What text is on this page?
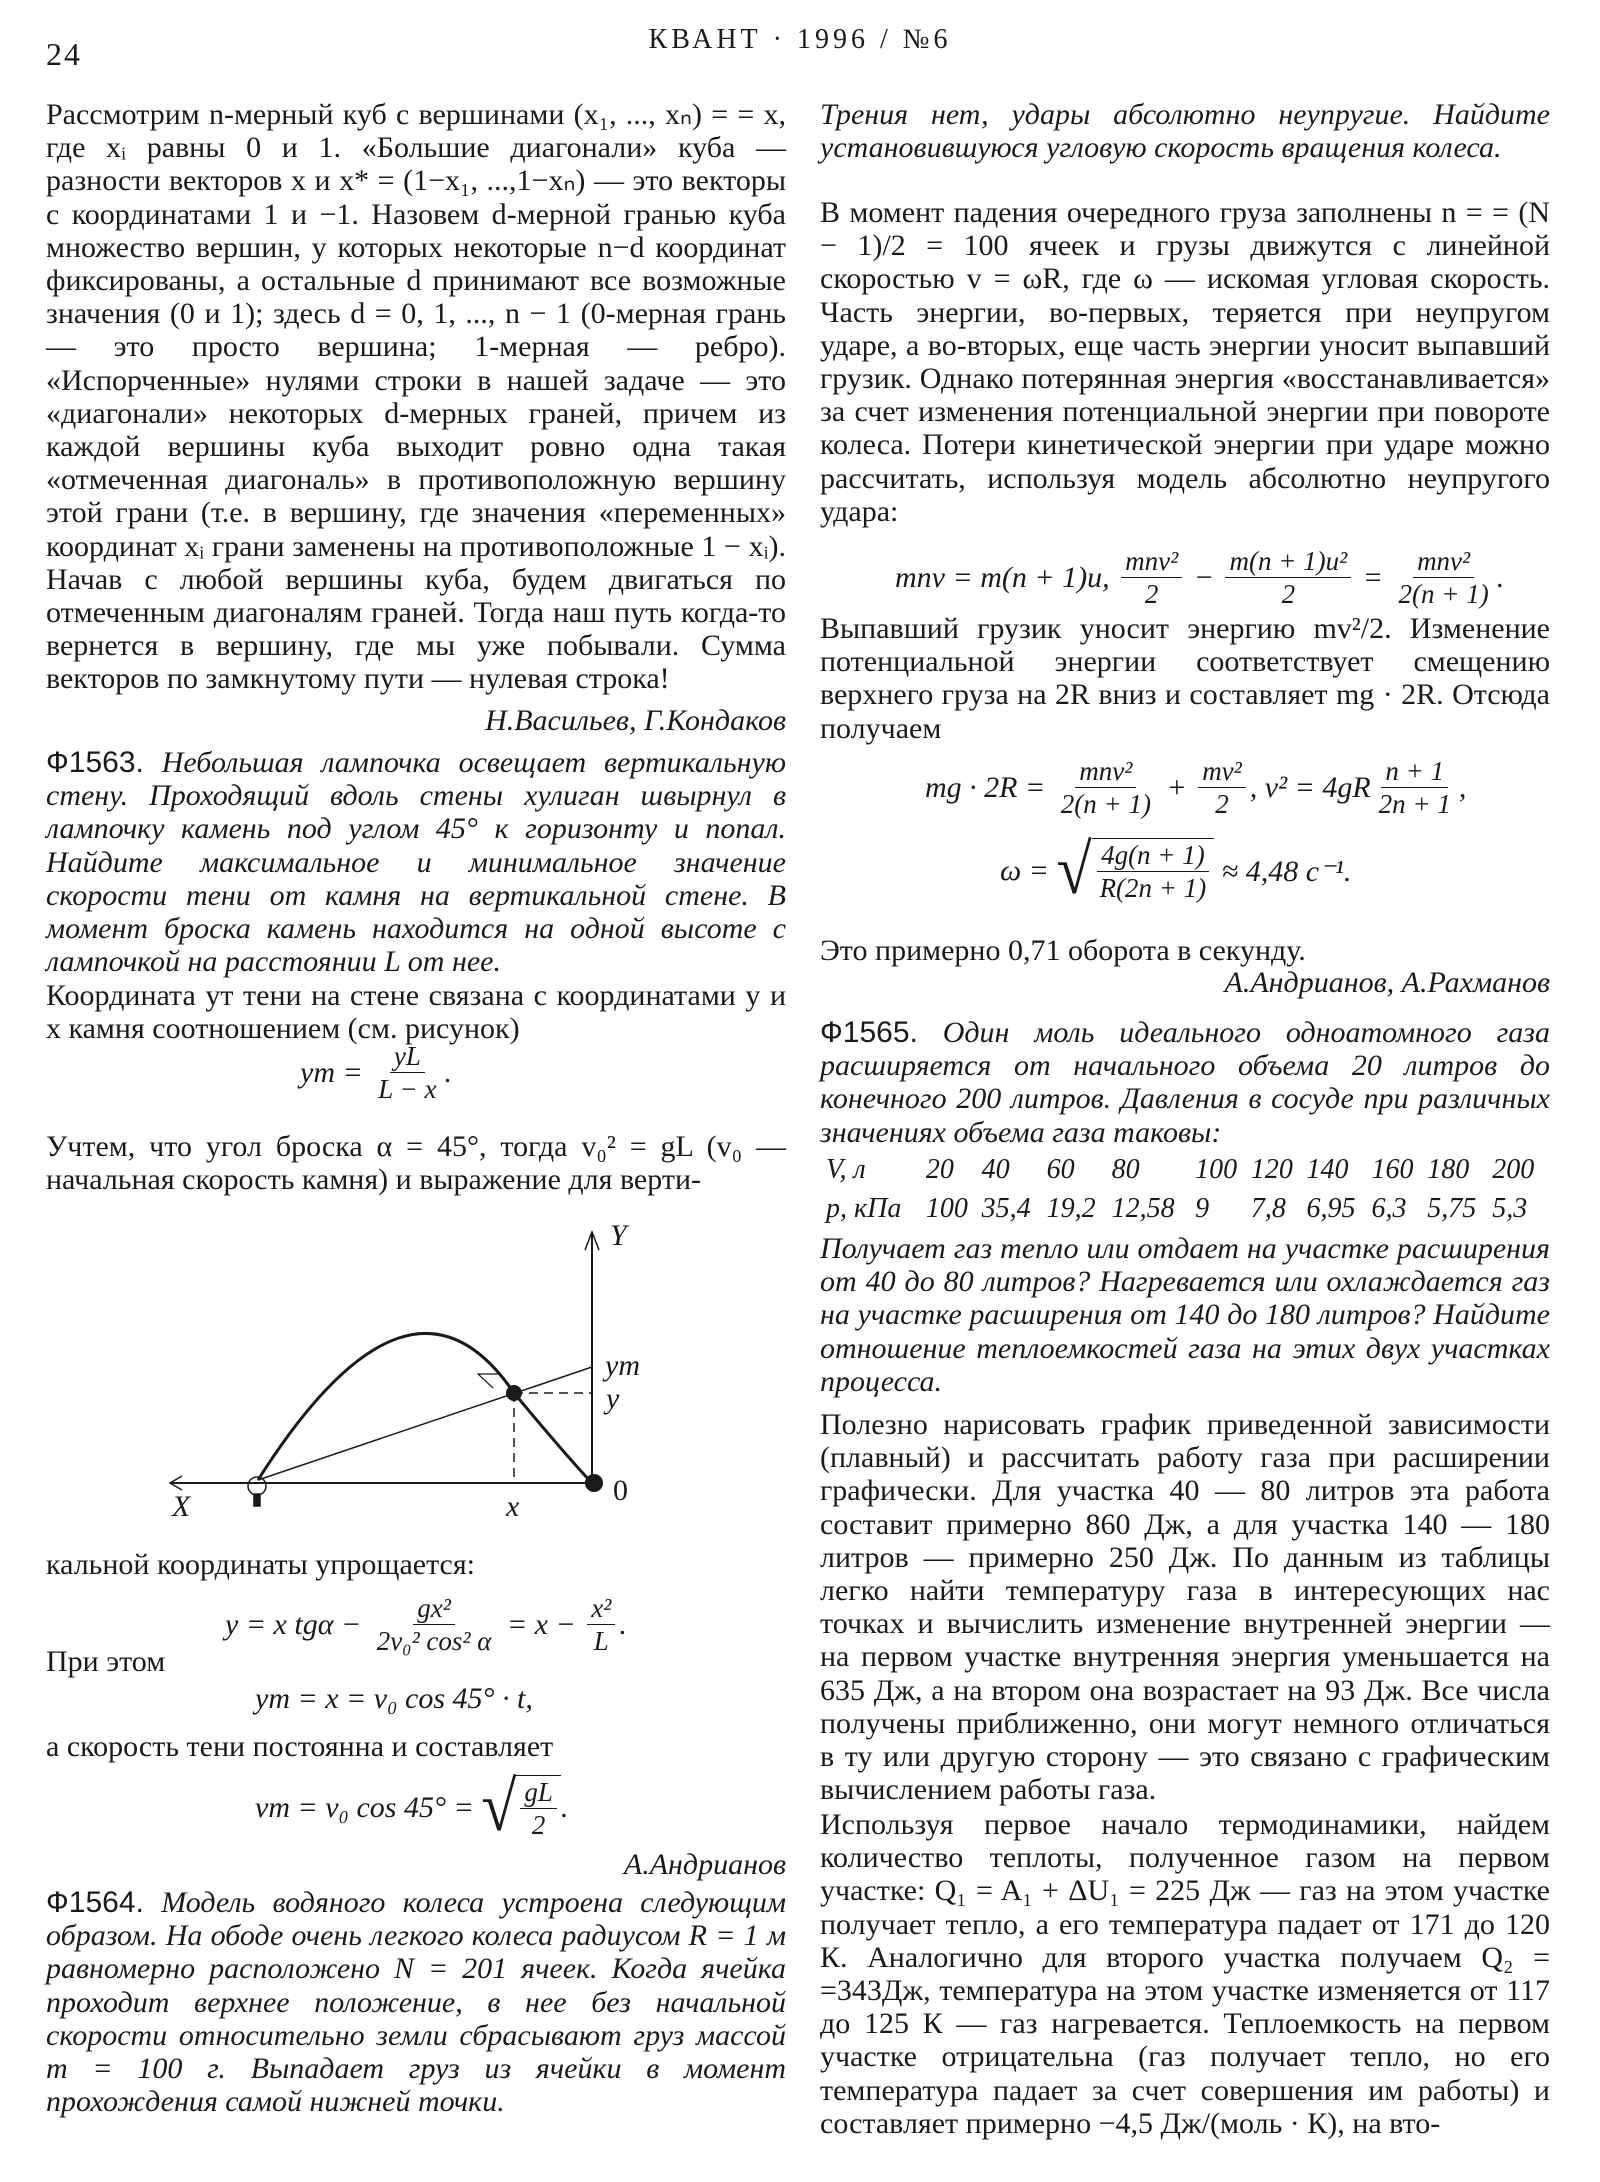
24	КВАНТ · 1996 / №6

Рассмотрим n-мерный куб с вершинами (x₁, ..., xₙ) = = x, где xᵢ равны 0 и 1. «Большие диагонали» куба — разности векторов x и x* = (1−x₁, ...,1−xₙ) — это векторы с координатами 1 и −1. Назовем d-мерной гранью куба множество вершин, у которых некоторые n−d координат фиксированы, а остальные d принимают все возможные значения (0 и 1); здесь d = 0, 1, ..., n − 1 (0-мерная грань — это просто вершина; 1-мерная — ребро). «Испорченные» нулями строки в нашей задаче — это «диагонали» некоторых d-мерных граней, причем из каждой вершины куба выходит ровно одна такая «отмеченная диагональ» в противоположную вершину этой грани (т.е. в вершину, где значения «переменных» координат xᵢ грани заменены на противоположные 1 − xᵢ). Начав с любой вершины куба, будем двигаться по отмеченным диагоналям граней. Тогда наш путь когда-то вернется в вершину, где мы уже побывали. Сумма векторов по замкнутому пути — нулевая строка!

Н.Васильев, Г.Кондаков

Ф1563. Небольшая лампочка освещает вертикальную стену. Проходящий вдоль стены хулиган швырнул в лампочку камень под углом 45° к горизонту и попал. Найдите максимальное и минимальное значение скорости тени от камня на вертикальной стене. В момент броска камень находится на одной высоте с лампочкой на расстоянии L от нее.

Координата yт тени на стене связана с координатами y и x камня соотношением (см. рисунок)

yт = $\frac{yL}{L - x}$ .

Учтем, что угол броска α = 45°, тогда v₀² = gL (v₀ — начальная скорость камня) и выражение для верти-

Y
X
yт
y
x	0

кальной координаты упрощается:

y = x $tg\alpha - \frac{\text{gx²}}{\text{2v₀² cos² α}} = x - \frac{\text{x²}}{L}$ .

При этом

yт = x = v₀ cos 45° · t,

а скорость тени постоянна и составляет

vт = v₀ cos 45° = √ $\frac{gL}{2}$ .
А.Андрианов

Ф1564. Модель водяного колеса устроена следующим образом. На ободе очень легкого колеса радиусом R = 1 м равномерно расположено N = 201 ячеек. Когда ячейка проходит верхнее положение, в нее без начальной скорости относительно земли сбрасывают груз массой m = 100 г. Выпадает груз из ячейки в момент прохождения самой нижней точки.

Трения нет, удары абсолютно неупругие. Найдите установившуюся угловую скорость вращения колеса.

В момент падения очередного груза заполнены n = = (N − 1)/2 = 100 ячеек и грузы движутся с линейной скоростью v = ωR, где ω — искомая угловая скорость. Часть энергии, во-первых, теряется при неупругом ударе, а во-вторых, еще часть энергии уносит выпавший грузик. Однако потерянная энергия «восстанавливается» за счет изменения потенциальной энергии при повороте колеса. Потери кинетической энергии при ударе можно рассчитать, используя модель абсолютно неупругого удара:

mnv = m(n + 1)u, $\frac{\text{mnv²}}{2} - \frac{\text{m(n + 1)u²}}{2} = \frac{\text{mnv²}}{2(n + 1)}$ .

Выпавший грузик уносит энергию mv²/2. Изменение потенциальной энергии соответствует смещению верхнего груза на 2R вниз и составляет mg · 2R. Отсюда получаем

mg · $2R = \frac{\text{mnv²}}{2(n + 1)} + \frac{\text{mv²}}{2}$ , $v^2 = 4gR \frac{n + 1}{2n + 1}$ ,
ω = √ $\frac{4g(n + 1)}{R(2n + 1)} \approx 4,48$ с⁻¹.

Это примерно 0,71 оборота в секунду.

А.Андрианов, А.Рахманов

Ф1565. Один моль идеального одноатомного газа расширяется от начального объема 20 литров до конечного 200 литров. Давления в сосуде при различных значениях объема газа таковы:

V, л	20	40	60	80	100	120	140	160	180	200
p, кПа	100	35,4	19,2	12,58	9	7,8	6,95	6,3	5,75	5,3

Получает газ тепло или отдает на участке расширения от 40 до 80 литров? Нагревается или охлаждается газ на участке расширения от 140 до 180 литров? Найдите отношение теплоемкостей газа на этих двух участках процесса.

Полезно нарисовать график приведенной зависимости (плавный) и рассчитать работу газа при расширении графически. Для участка 40 — 80 литров эта работа составит примерно 860 Дж, а для участка 140 — 180 литров — примерно 250 Дж. По данным из таблицы легко найти температуру газа в интересующих нас точках и вычислить изменение внутренней энергии — на первом участке внутренняя энергия уменьшается на 635 Дж, а на втором она возрастает на 93 Дж. Все числа получены приближенно, они могут немного отличаться в ту или другую сторону — это связано с графическим вычислением работы газа.

Используя первое начало термодинамики, найдем количество теплоты, полученное газом на первом участке: Q₁ = A₁ + ΔU₁ = 225 Дж — газ на этом участке получает тепло, а его температура падает от 171 до 120 К. Аналогично для второго участка получаем Q₂ = =343Дж, температура на этом участке изменяется от 117 до 125 К — газ нагревается. Теплоемкость на первом участке отрицательна (газ получает тепло, но его температура падает за счет совершения им работы) и составляет примерно −4,5 Дж/(моль · К), на вто-
